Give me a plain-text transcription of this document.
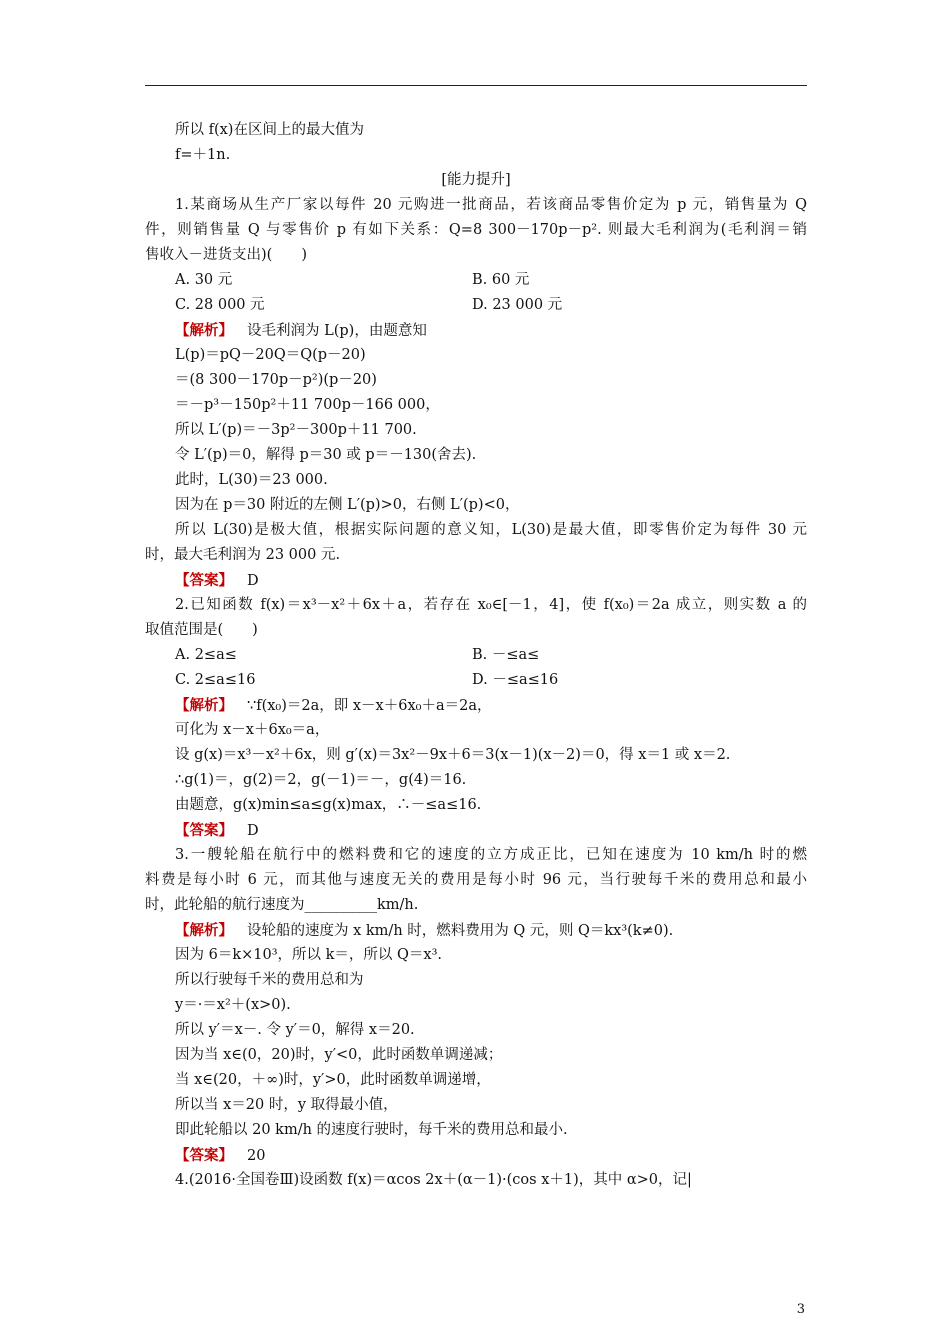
所以 f(x)在区间上的最大值为
f=＋1n.
[能力提升]
1.某商场从生产厂家以每件 20 元购进一批商品，若该商品零售价定为 p 元，销售量为 Q
件，则销售量 Q 与零售价 p 有如下关系：Q=8 300－170p－p². 则最大毛利润为(毛利润＝销
售收入－进货支出)(　　)
A. 30 元	B. 60 元
C. 28 000 元	D. 23 000 元
【解析】 设毛利润为 L(p)，由题意知
L(p)＝pQ－20Q＝Q(p－20)
＝(8 300－170p－p²)(p－20)
＝－p³－150p²＋11 700p－166 000，
所以 L′(p)＝－3p²－300p＋11 700.
令 L′(p)＝0，解得 p＝30 或 p＝－130(舍去).
此时，L(30)＝23 000.
因为在 p＝30 附近的左侧 L′(p)>0，右侧 L′(p)<0，
所以 L(30)是极大值，根据实际问题的意义知，L(30)是最大值，即零售价定为每件 30 元
时，最大毛利润为 23 000 元.
【答案】 D
2.已知函数 f(x)＝x³－x²＋6x＋a，若存在 x₀∈[－1，4]，使 f(x₀)＝2a 成立，则实数 a 的
取值范围是(　　)
A. 2≤a≤	B. －≤a≤
C. 2≤a≤16	D. －≤a≤16
【解析】 ∵f(x₀)＝2a，即 x－x＋6x₀＋a＝2a，
可化为 x－x＋6x₀＝a，
设 g(x)＝x³－x²＋6x，则 g′(x)＝3x²－9x＋6＝3(x－1)(x－2)＝0，得 x＝1 或 x＝2.
∴g(1)＝，g(2)＝2，g(－1)＝－，g(4)＝16.
由题意，g(x)min≤a≤g(x)max，∴－≤a≤16.
【答案】 D
3.一艘轮船在航行中的燃料费和它的速度的立方成正比，已知在速度为 10 km/h 时的燃
料费是每小时 6 元，而其他与速度无关的费用是每小时 96 元，当行驶每千米的费用总和最小
时，此轮船的航行速度为__________km/h.
【解析】 设轮船的速度为 x km/h 时，燃料费用为 Q 元，则 Q＝kx³(k≠0).
因为 6＝k×10³，所以 k＝，所以 Q＝x³.
所以行驶每千米的费用总和为
y＝·＝x²＋(x>0).
所以 y′＝x－. 令 y′＝0，解得 x＝20.
因为当 x∈(0，20)时，y′<0，此时函数单调递减；
当 x∈(20，＋∞)时，y′>0，此时函数单调递增，
所以当 x＝20 时，y 取得最小值，
即此轮船以 20 km/h 的速度行驶时，每千米的费用总和最小.
【答案】 20
4.(2016·全国卷Ⅲ)设函数 f(x)＝αcos 2x＋(α－1)·(cos x＋1)，其中 α>0，记|
3
